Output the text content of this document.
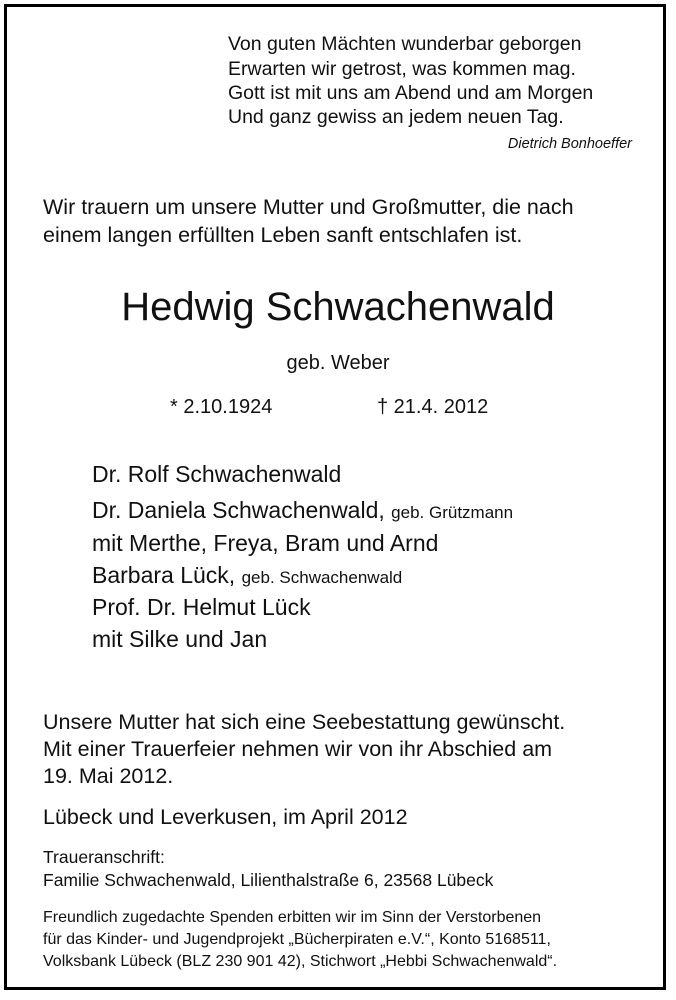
Von guten Mächten wunderbar geborgen
Erwarten wir getrost, was kommen mag.
Gott ist mit uns am Abend und am Morgen
Und ganz gewiss an jedem neuen Tag.
Dietrich Bonhoeffer
Wir trauern um unsere Mutter und Großmutter, die nach
einem langen erfüllten Leben sanft entschlafen ist.
Hedwig Schwachenwald
geb. Weber
* 2.10.1924	† 21.4. 2012
Dr. Rolf Schwachenwald
Dr. Daniela Schwachenwald, geb. Grützmann
mit Merthe, Freya, Bram und Arnd
Barbara Lück, geb. Schwachenwald
Prof. Dr. Helmut Lück
mit Silke und Jan
Unsere Mutter hat sich eine Seebestattung gewünscht.
Mit einer Trauerfeier nehmen wir von ihr Abschied am
19. Mai 2012.
Lübeck und Leverkusen, im April 2012
Traueranschrift:
Familie Schwachenwald, Lilienthalstraße 6, 23568 Lübeck
Freundlich zugedachte Spenden erbitten wir im Sinn der Verstorbenen
für das Kinder- und Jugendprojekt „Bücherpiraten e.V.“, Konto 5168511,
Volksbank Lübeck (BLZ 230 901 42), Stichwort „Hebbi Schwachenwald“.
